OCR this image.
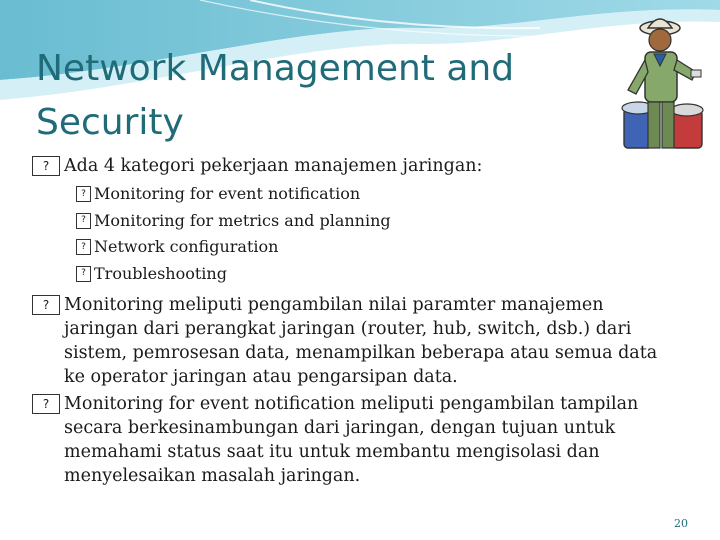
Network Management and Security

? Ada 4 kategori pekerjaan manajemen jaringan:

? Monitoring for event notification

? Monitoring for metrics and planning

? Network configuration

? Troubleshooting

? Monitoring meliputi pengambilan nilai paramter manajemen jaringan dari perangkat jaringan (router, hub, switch, dsb.) dari sistem, pemrosesan data, menampilkan beberapa atau semua data ke operator jaringan atau pengarsipan data.

? Monitoring for event notification meliputi pengambilan tampilan secara berkesinambungan dari jaringan, dengan tujuan untuk memahami status saat itu untuk membantu mengisolasi dan menyelesaikan masalah jaringan.

20
